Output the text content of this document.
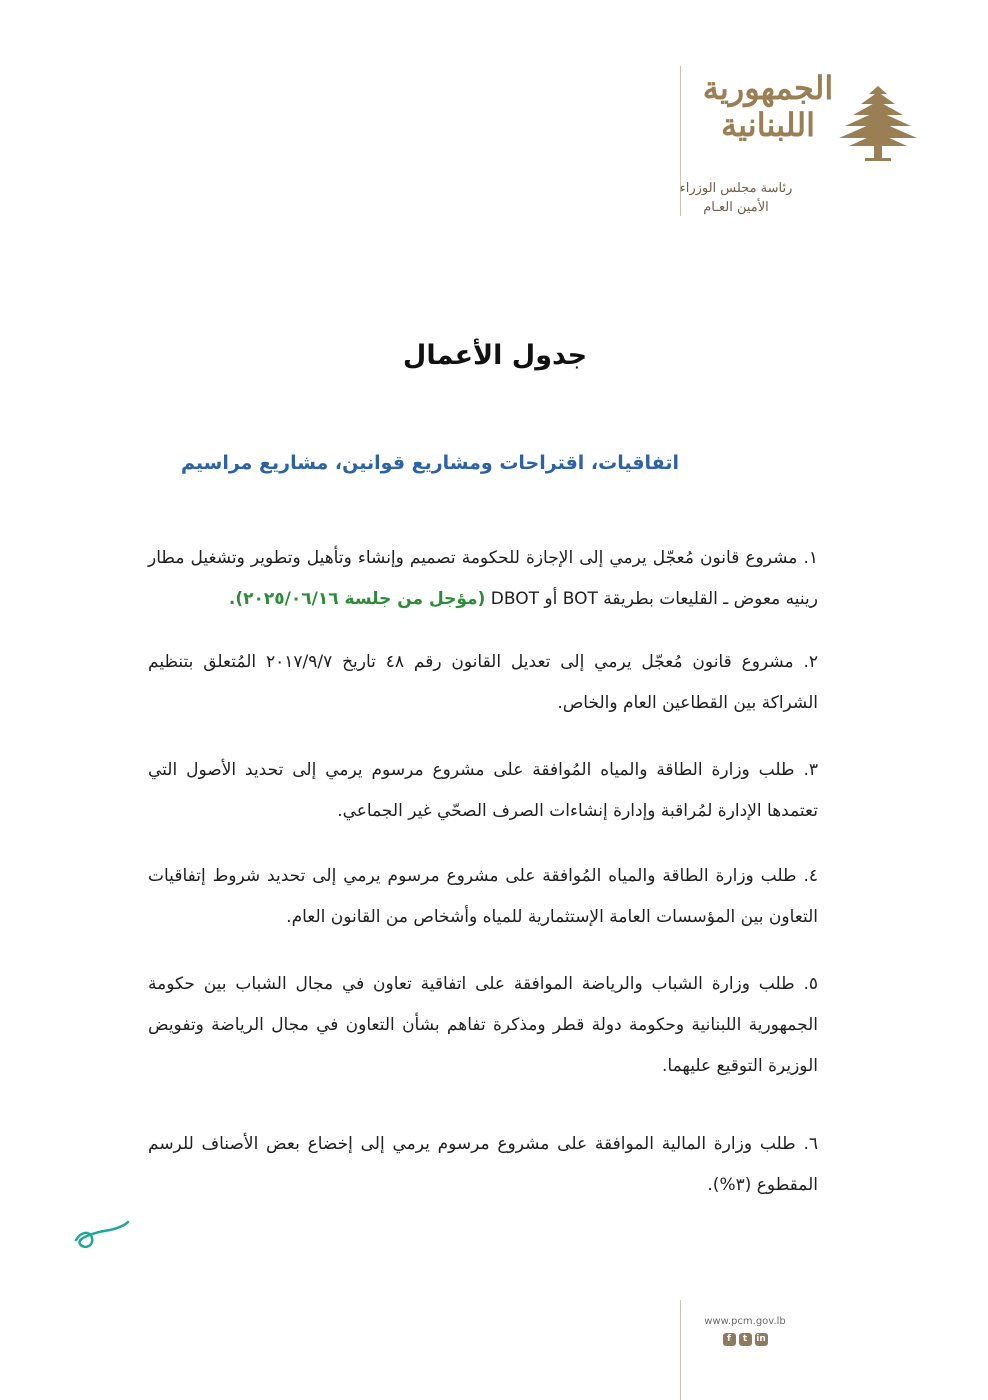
الجمهورية
اللبنانية
رئاسة مجلس الوزراء
الأمين العـام
جدول الأعمال
اتفاقيات، اقتراحات ومشاريع قوانين، مشاريع مراسيم
١. مشروع قانون مُعجّل يرمي إلى الإجازة للحكومة تصميم وإنشاء وتأهيل وتطوير وتشغيل مطار رينيه معوض ـ القليعات بطريقة BOT أو DBOT (مؤجل من جلسة ٢٠٢٥/٠٦/١٦).
٢. مشروع قانون مُعجّل يرمي إلى تعديل القانون رقم ٤٨ تاريخ ٢٠١٧/٩/٧ المُتعلق بتنظيم الشراكة بين القطاعين العام والخاص.
٣. طلب وزارة الطاقة والمياه المُوافقة على مشروع مرسوم يرمي إلى تحديد الأصول التي تعتمدها الإدارة لمُراقبة وإدارة إنشاءات الصرف الصحّي غير الجماعي.
٤. طلب وزارة الطاقة والمياه المُوافقة على مشروع مرسوم يرمي إلى تحديد شروط إتفاقيات التعاون بين المؤسسات العامة الإستثمارية للمياه وأشخاص من القانون العام.
٥. طلب وزارة الشباب والرياضة الموافقة على اتفاقية تعاون في مجال الشباب بين حكومة الجمهورية اللبنانية وحكومة دولة قطر ومذكرة تفاهم بشأن التعاون في مجال الرياضة وتفويض الوزيرة التوقيع عليهما.
٦. طلب وزارة المالية الموافقة على مشروع مرسوم يرمي إلى إخضاع بعض الأصناف للرسم المقطوع (٣%).
www.pcm.gov.lb
f	t	in
